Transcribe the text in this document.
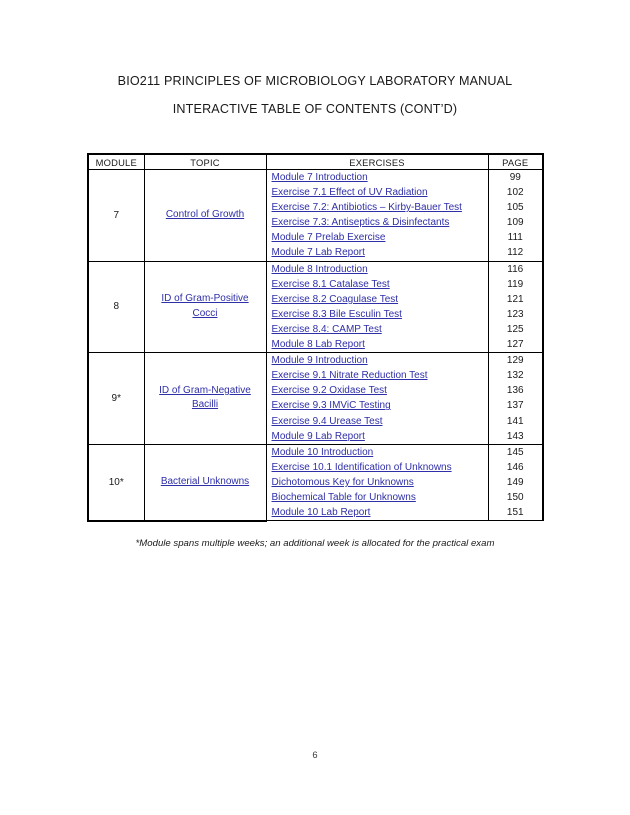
BIO211 PRINCIPLES OF MICROBIOLOGY LABORATORY MANUAL
INTERACTIVE TABLE OF CONTENTS (CONT’D)
MODULE	TOPIC	EXERCISES	PAGE
7	Control of Growth	Module 7 Introduction	99
		Exercise 7.1 Effect of UV Radiation	102
		Exercise 7.2: Antibiotics – Kirby-Bauer Test	105
		Exercise 7.3: Antiseptics & Disinfectants	109
		Module 7 Prelab Exercise	111
		Module 7 Lab Report	112
8	ID of Gram-Positive Cocci	Module 8 Introduction	116
		Exercise 8.1 Catalase Test	119
		Exercise 8.2 Coagulase Test	121
		Exercise 8.3 Bile Esculin Test	123
		Exercise 8.4: CAMP Test	125
		Module 8 Lab Report	127
9*	ID of Gram-Negative Bacilli	Module 9 Introduction	129
		Exercise 9.1 Nitrate Reduction Test	132
		Exercise 9.2 Oxidase Test	136
		Exercise 9.3 IMViC Testing	137
		Exercise 9.4 Urease Test	141
		Module 9 Lab Report	143
10*	Bacterial Unknowns	Module 10 Introduction	145
		Exercise 10.1 Identification of Unknowns	146
		Dichotomous Key for Unknowns	149
		Biochemical Table for Unknowns	150
		Module 10 Lab Report	151
*Module spans multiple weeks; an additional week is allocated for the practical exam
6
